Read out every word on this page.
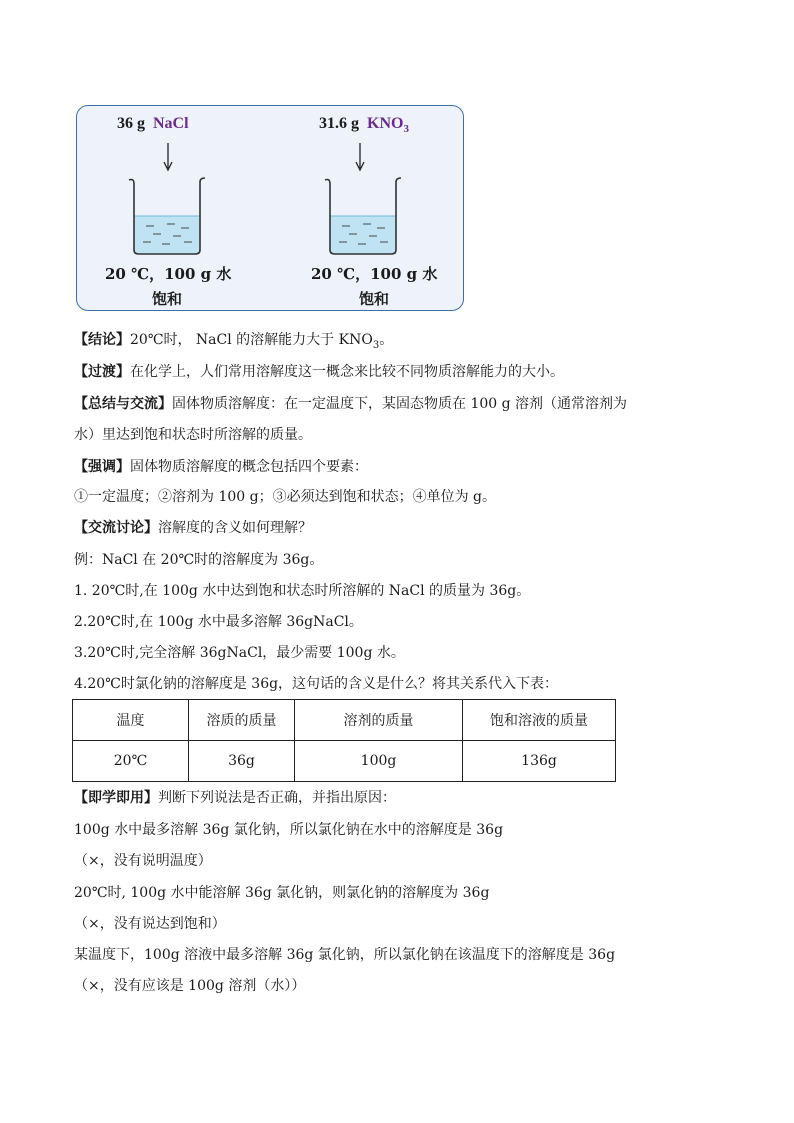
36 g NaCl	31.6 g $KNO_3$
20 ℃，100 g 水
饱和
20 ℃，100 g 水
饱和
【结论】20℃时， NaCl 的溶解能力大于 $KNO_3$。
【过渡】在化学上，人们常用溶解度这一概念来比较不同物质溶解能力的大小。
【总结与交流】固体物质溶解度：在一定温度下，某固态物质在 100 g 溶剂（通常溶剂为
水）里达到饱和状态时所溶解的质量。
【强调】固体物质溶解度的概念包括四个要素：
①一定温度；②溶剂为 100 g；③必须达到饱和状态；④单位为 g。
【交流讨论】溶解度的含义如何理解？
例：NaCl 在 20℃时的溶解度为 36g。
1. 20℃时,在 100g 水中达到饱和状态时所溶解的 NaCl 的质量为 36g。
2.20℃时,在 100g 水中最多溶解 36gNaCl。
3.20℃时,完全溶解 36gNaCl，最少需要 100g 水。
4.20℃时氯化钠的溶解度是 36g，这句话的含义是什么？将其关系代入下表：
温度	溶质的质量	溶剂的质量	饱和溶液的质量
20℃	36g	100g	136g
【即学即用】判断下列说法是否正确，并指出原因：
100g 水中最多溶解 36g 氯化钠，所以氯化钠在水中的溶解度是 36g
（×，没有说明温度）
20℃时, 100g 水中能溶解 36g 氯化钠，则氯化钠的溶解度为 36g
（×，没有说达到饱和）
某温度下，100g 溶液中最多溶解 36g 氯化钠，所以氯化钠在该温度下的溶解度是 36g
（×，没有应该是 100g 溶剂（水））
